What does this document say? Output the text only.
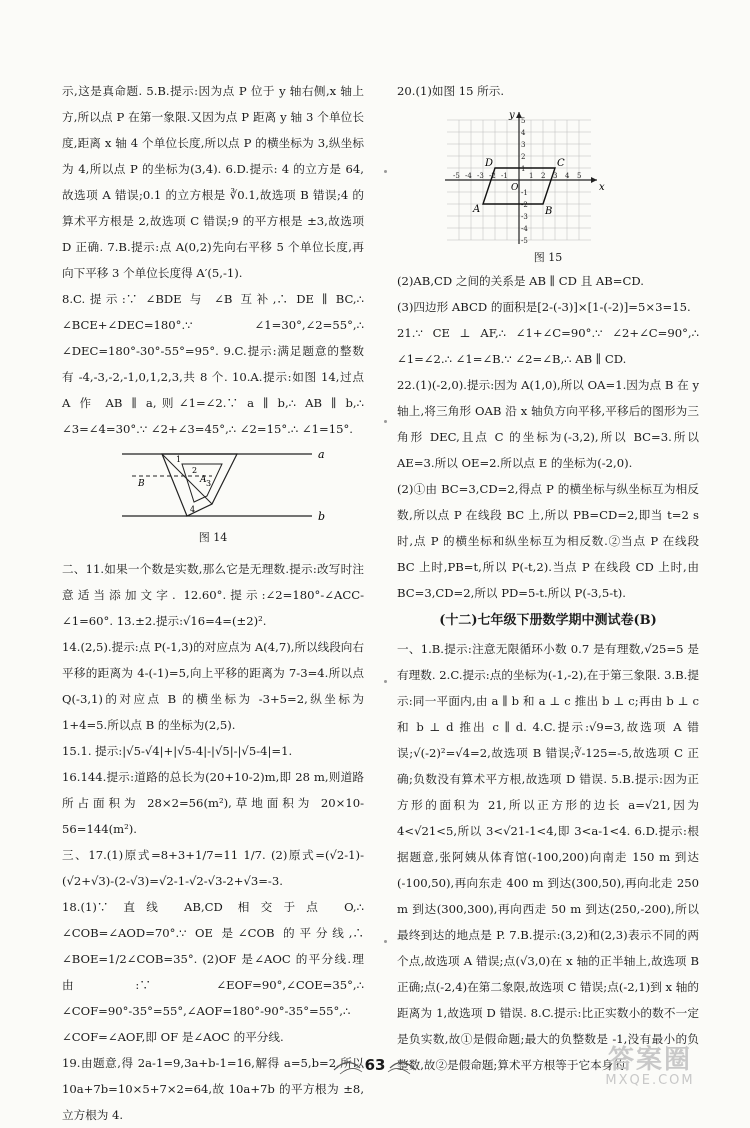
示,这是真命题. 5.B.提示:因为点 P 位于 y 轴右侧,x 轴上方,所以点 P 在第一象限.又因为点 P 距离 y 轴 3 个单位长度,距离 x 轴 4 个单位长度,所以点 P 的横坐标为 3,纵坐标为 4,所以点 P 的坐标为(3,4). 6.D.提示: 4 的立方是 64,故选项 A 错误;0.1 的立方根是 ∛0.1,故选项 B 错误;4 的算术平方根是 2,故选项 C 错误;9 的平方根是 ±3,故选项 D 正确. 7.B.提示:点 A(0,2)先向右平移 5 个单位长度,再向下平移 3 个单位长度得 A′(5,-1).

8.C.提示:∵ ∠BDE 与 ∠B 互补,∴ DE ∥ BC,∴ ∠BCE+∠DEC=180°.∵ ∠1=30°,∠2=55°,∴ ∠DEC=180°-30°-55°=95°. 9.C.提示:满足题意的整数有 -4,-3,-2,-1,0,1,2,3,共 8 个. 10.A.提示:如图 14,过点 A 作 AB ∥ a,则∠1=∠2.∵ a ∥ b,∴ AB ∥ b,∴ ∠3=∠4=30°.∵ ∠2+∠3=45°,∴ ∠2=15°.∴ ∠1=15°.

a
b
A
B
1
2
3
4
图 14

二、11.如果一个数是实数,那么它是无理数.提示:改写时注意适当添加文字. 12.60°.提示:∠2=180°-∠ACC-∠1=60°. 13.±2.提示:√16=4=(±2)².

14.(2,5).提示:点 P(-1,3)的对应点为 A(4,7),所以线段向右平移的距离为 4-(-1)=5,向上平移的距离为 7-3=4.所以点 Q(-3,1)的对应点 B 的横坐标为 -3+5=2,纵坐标为 1+4=5.所以点 B 的坐标为(2,5).

15.1. 提示:|√5-√4|+|√5-4|-|√5|-|√5-4|=1.

16.144.提示:道路的总长为(20+10-2)m,即 28 m,则道路所占面积为 28×2=56(m²),草地面积为 20×10-56=144(m²).

三、17.(1)原式=8+3+1/7=11 1/7. (2)原式=(√2-1)-(√2+√3)-(2-√3)=√2-1-√2-√3-2+√3=-3.

18.(1)∵ 直线 AB,CD 相交于点 O,∴ ∠COB=∠AOD=70°.∵ OE 是∠COB 的平分线,∴ ∠BOE=1/2∠COB=35°. (2)OF 是∠AOC 的平分线.理由:∵ ∠EOF=90°,∠COE=35°,∴ ∠COF=90°-35°=55°,∠AOF=180°-90°-35°=55°,∴ ∠COF=∠AOF,即 OF 是∠AOC 的平分线.

19.由题意,得 2a-1=9,3a+b-1=16,解得 a=5,b=2,所以 10a+7b=10×5+7×2=64,故 10a+7b 的平方根为 ±8,立方根为 4.

20.(1)如图 15 所示.

x
y
O
A	B
C
D
-5 -4 -3 -2 -1	1 2 3 4 5
5
4
3
2
1
-1
-2
-3
-4
-5
图 15

(2)AB,CD 之间的关系是 AB ∥ CD 且 AB=CD.

(3)四边形 ABCD 的面积是[2-(-3)]×[1-(-2)]=5×3=15.

21.∵ CE ⊥ AF,∴ ∠1+∠C=90°.∵ ∠2+∠C=90°,∴ ∠1=∠2.∴ ∠1=∠B.∵ ∠2=∠B,∴ AB ∥ CD.

22.(1)(-2,0).提示:因为 A(1,0),所以 OA=1.因为点 B 在 y 轴上,将三角形 OAB 沿 x 轴负方向平移,平移后的图形为三角形 DEC,且点 C 的坐标为(-3,2),所以 BC=3.所以 AE=3.所以 OE=2.所以点 E 的坐标为(-2,0).

(2)①由 BC=3,CD=2,得点 P 的横坐标与纵坐标互为相反数,所以点 P 在线段 BC 上,所以 PB=CD=2,即当 t=2 s 时,点 P 的横坐标和纵坐标互为相反数.②当点 P 在线段 BC 上时,PB=t,所以 P(-t,2).当点 P 在线段 CD 上时,由 BC=3,CD=2,所以 PD=5-t.所以 P(-3,5-t).

(十二)七年级下册数学期中测试卷(B)

一、1.B.提示:注意无限循环小数 0.7 是有理数,√25=5 是有理数. 2.C.提示:点的坐标为(-1,-2),在于第三象限. 3.B.提示:同一平面内,由 a ∥ b 和 a ⊥ c 推出 b ⊥ c;再由 b ⊥ c 和 b ⊥ d 推出 c ∥ d. 4.C.提示:√9=3,故选项 A 错误;√(-2)²=√4=2,故选项 B 错误;∛-125=-5,故选项 C 正确;负数没有算术平方根,故选项 D 错误. 5.B.提示:因为正方形的面积为 21,所以正方形的边长 a=√21,因为 4<√21<5,所以 3<√21-1<4,即 3<a-1<4. 6.D.提示:根据题意,张阿姨从体育馆(-100,200)向南走 150 m 到达(-100,50),再向东走 400 m 到达(300,50),再向北走 250 m 到达(300,300),再向西走 50 m 到达(250,-200),所以最终到达的地点是 P. 7.B.提示:(3,2)和(2,3)表示不同的两个点,故选项 A 错误;点(√3,0)在 x 轴的正半轴上,故选项 B 正确;点(-2,4)在第二象限,故选项 C 错误;点(-2,1)到 x 轴的距离为 1,故选项 D 错误. 8.C.提示:比正实数小的数不一定是负实数,故①是假命题;最大的负整数是 -1,没有最小的负整数,故②是假命题;算术平方根等于它本身的

63	答案圈
MXQE.COM
